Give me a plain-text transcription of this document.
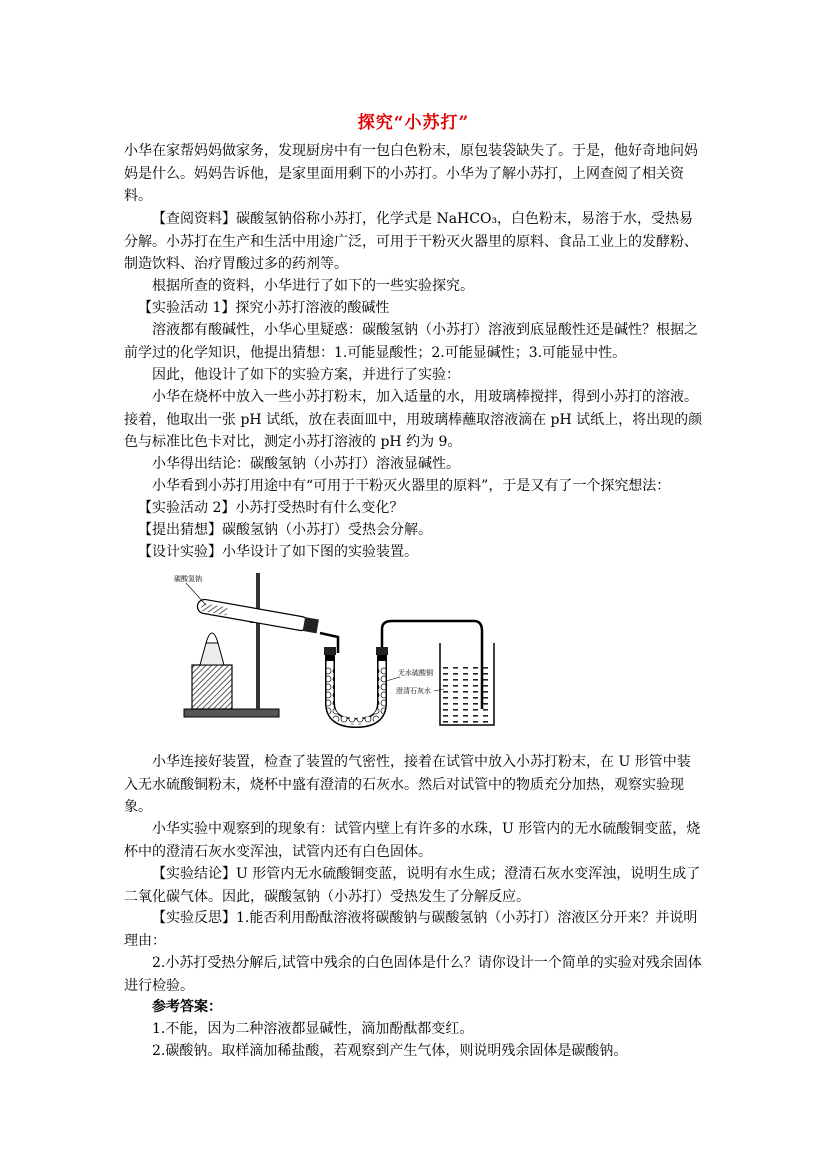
探究“小苏打”

小华在家帮妈妈做家务，发现厨房中有一包白色粉末，原包装袋缺失了。于是，他好奇地问妈妈是什么。妈妈告诉他，是家里面用剩下的小苏打。小华为了解小苏打，上网查阅了相关资料。

【查阅资料】碳酸氢钠俗称小苏打，化学式是 NaHCO₃，白色粉末，易溶于水，受热易分解。小苏打在生产和生活中用途广泛，可用于干粉灭火器里的原料、食品工业上的发酵粉、制造饮料、治疗胃酸过多的药剂等。

根据所查的资料，小华进行了如下的一些实验探究。

【实验活动 1】探究小苏打溶液的酸碱性

溶液都有酸碱性，小华心里疑惑：碳酸氢钠（小苏打）溶液到底显酸性还是碱性？根据之前学过的化学知识，他提出猜想：1.可能显酸性；2.可能显碱性；3.可能显中性。

因此，他设计了如下的实验方案，并进行了实验：

小华在烧杯中放入一些小苏打粉末，加入适量的水，用玻璃棒搅拌，得到小苏打的溶液。接着，他取出一张 pH 试纸，放在表面皿中，用玻璃棒蘸取溶液滴在 pH 试纸上，将出现的颜色与标准比色卡对比，测定小苏打溶液的 pH 约为 9。

小华得出结论：碳酸氢钠（小苏打）溶液显碱性。

小华看到小苏打用途中有“可用于干粉灭火器里的原料”，于是又有了一个探究想法：

【实验活动 2】小苏打受热时有什么变化？

【提出猜想】碳酸氢钠（小苏打）受热会分解。

【设计实验】小华设计了如下图的实验装置。

碳酸氢钠
无水硫酸铜
澄清石灰水

小华连接好装置，检查了装置的气密性，接着在试管中放入小苏打粉末，在 U 形管中装入无水硫酸铜粉末，烧杯中盛有澄清的石灰水。然后对试管中的物质充分加热，观察实验现象。

小华实验中观察到的现象有：试管内壁上有许多的水珠，U 形管内的无水硫酸铜变蓝，烧杯中的澄清石灰水变浑浊，试管内还有白色固体。

【实验结论】U 形管内无水硫酸铜变蓝，说明有水生成；澄清石灰水变浑浊，说明生成了二氧化碳气体。因此，碳酸氢钠（小苏打）受热发生了分解反应。

【实验反思】1.能否利用酚酞溶液将碳酸钠与碳酸氢钠（小苏打）溶液区分开来？并说明理由：

2.小苏打受热分解后,试管中残余的白色固体是什么？请你设计一个简单的实验对残余固体进行检验。

参考答案：

1.不能，因为二种溶液都显碱性，滴加酚酞都变红。

2.碳酸钠。取样滴加稀盐酸，若观察到产生气体，则说明残余固体是碳酸钠。
